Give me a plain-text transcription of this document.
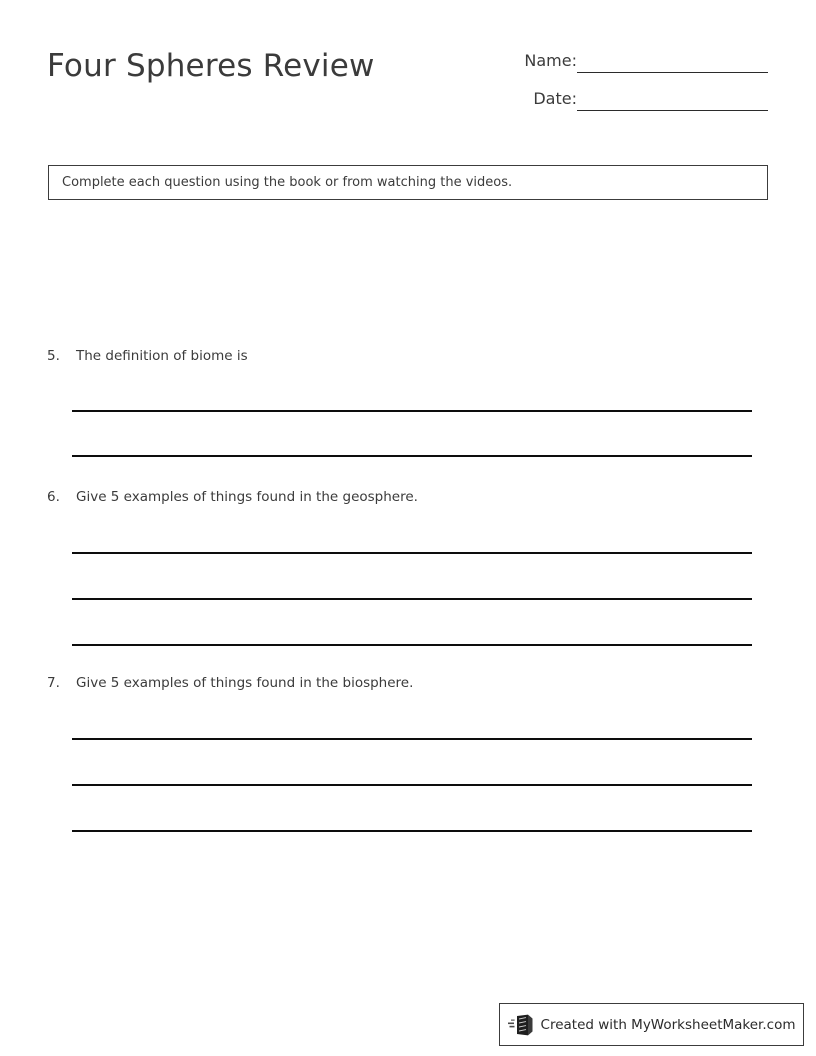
Four Spheres Review	Name:
Date:
Complete each question using the book or from watching the videos.
5. The definition of biome is
6. Give 5 examples of things found in the geosphere.
7. Give 5 examples of things found in the biosphere.
Created with MyWorksheetMaker.com
